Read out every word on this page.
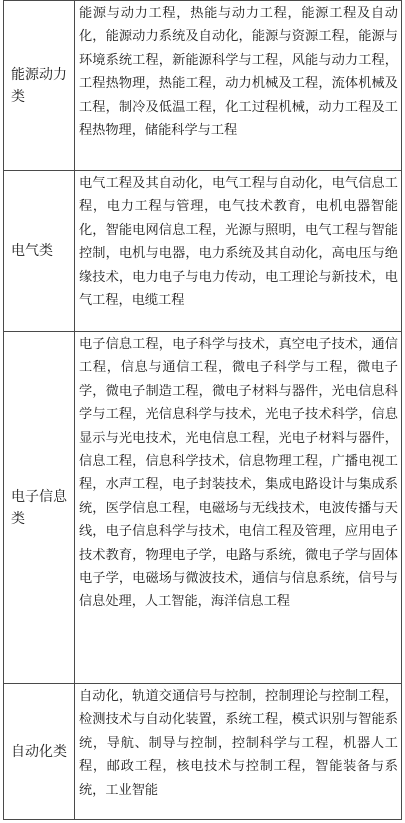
能源动力类	能源与动力工程，热能与动力工程，能源工程及自动化，能源动力系统及自动化，能源与资源工程，能源与环境系统工程，新能源科学与工程，风能与动力工程，工程热物理，热能工程，动力机械及工程，流体机械及工程，制冷及低温工程，化工过程机械，动力工程及工程热物理，储能科学与工程
电气类	电气工程及其自动化，电气工程与自动化，电气信息工程，电力工程与管理，电气技术教育，电机电器智能化，智能电网信息工程，光源与照明，电气工程与智能控制，电机与电器，电力系统及其自动化，高电压与绝缘技术，电力电子与电力传动，电工理论与新技术，电气工程，电缆工程
电子信息类	电子信息工程，电子科学与技术，真空电子技术，通信工程，信息与通信工程，微电子科学与工程，微电子学，微电子制造工程，微电子材料与器件，光电信息科学与工程，光信息科学与技术，光电子技术科学，信息显示与光电技术，光电信息工程，光电子材料与器件，信息工程，信息科学技术，信息物理工程，广播电视工程，水声工程，电子封装技术，集成电路设计与集成系统，医学信息工程，电磁场与无线技术，电波传播与天线，电子信息科学与技术，电信工程及管理，应用电子技术教育，物理电子学，电路与系统，微电子学与固体电子学，电磁场与微波技术，通信与信息系统，信号与信息处理，人工智能，海洋信息工程
自动化类	自动化，轨道交通信号与控制，控制理论与控制工程，检测技术与自动化装置，系统工程，模式识别与智能系统，导航、制导与控制，控制科学与工程，机器人工程，邮政工程，核电技术与控制工程，智能装备与系统，工业智能
